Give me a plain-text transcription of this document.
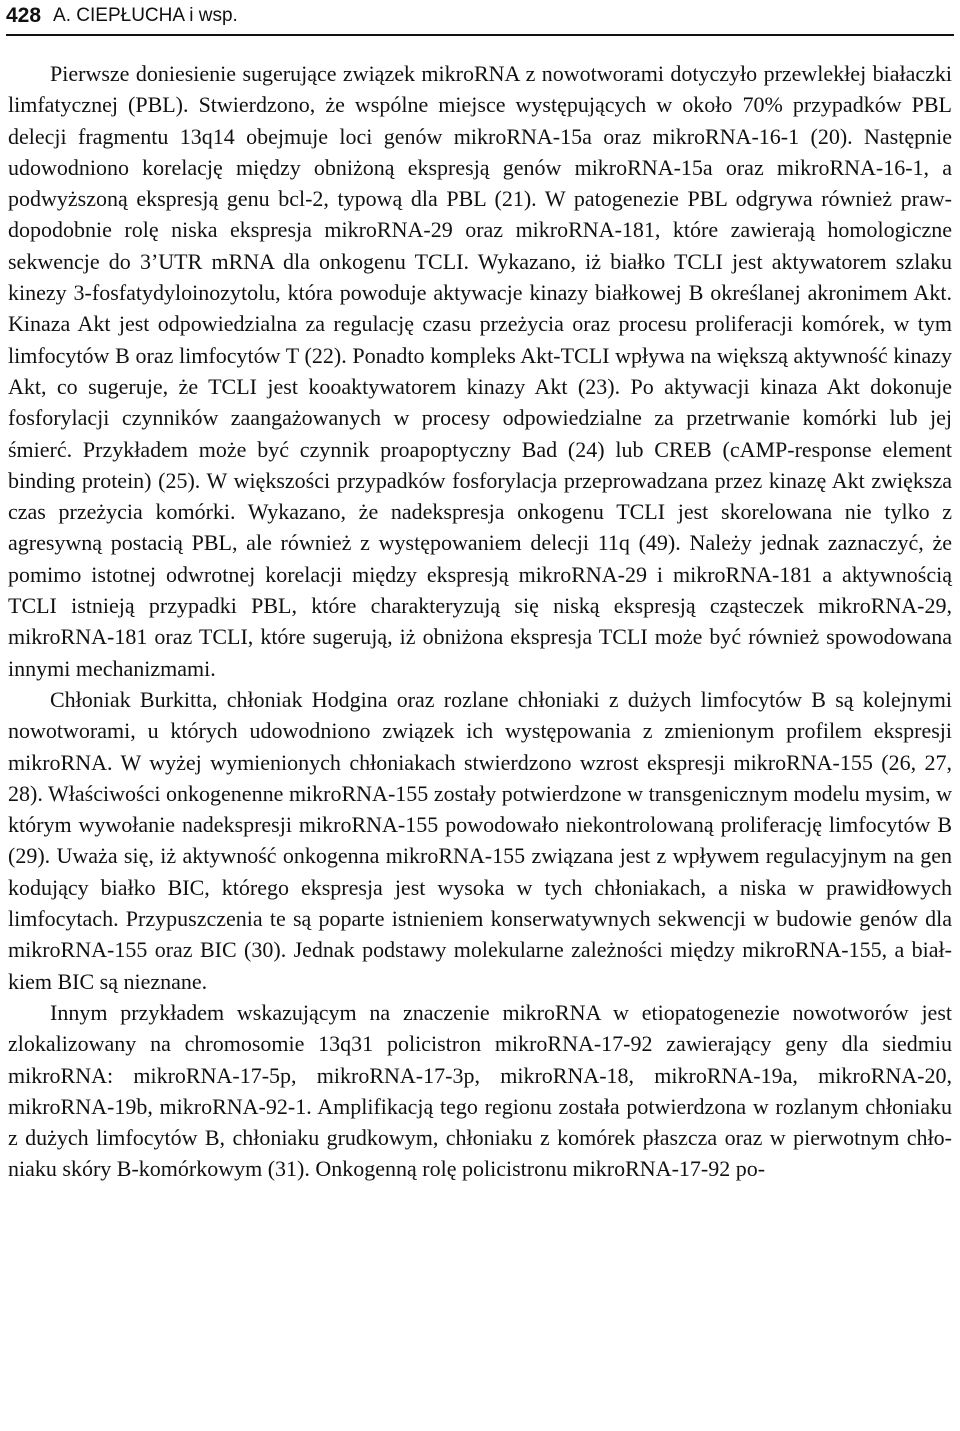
428 A. CIEPŁUCHA i wsp.

Pierwsze doniesienie sugerujące związek mikroRNA z nowotworami dotyczyło przewlekłej białaczki limfatycznej (PBL). Stwierdzono, że wspólne miejsce występujących w około 70% przypadków PBL delecji fragmentu 13q14 obejmuje loci genów mikroRNA-15a oraz mikroRNA-16-1 (20). Następnie udowodniono korelację między obniżoną ekspresją genów mikroRNA-15a oraz mikroRNA-16-1, a podwyższoną ekspresją genu bcl-2, typową dla PBL (21). W patogenezie PBL odgrywa również prawdopodobnie rolę niska ekspresja mikroRNA-29 oraz mikroRNA-181, które zawierają homologiczne sekwencje do 3’UTR mRNA dla onkogenu TCLI. Wykazano, iż białko TCLI jest aktywatorem szlaku kinezy 3-fosfatydyloinozytolu, która powoduje aktywacje kinazy białkowej B określanej akronimem Akt. Kinaza Akt jest odpowiedzialna za regulację czasu przeżycia oraz procesu proliferacji komórek, w tym limfocytów B oraz limfocytów T (22). Ponadto kompleks Akt-TCLI wpływa na większą aktywność kinazy Akt, co sugeruje, że TCLI jest kooaktywatorem kinazy Akt (23). Po aktywacji kinaza Akt dokonuje fosforylacji czynników zaangażowanych w procesy odpowiedzialne za przetrwanie komórki lub jej śmierć. Przykładem może być czynnik proapoptyczny Bad (24) lub CREB (cAMP-response element binding protein) (25). W większości przypadków fosforylacja przeprowadzana przez kinazę Akt zwiększa czas przeżycia komórki. Wykazano, że nadekspresja onkogenu TCLI jest skorelowana nie tylko z agresywną postacią PBL, ale również z występowaniem delecji 11q (49). Należy jednak zaznaczyć, że pomimo istotnej odwrotnej korelacji między ekspresją mikroRNA-29 i mikroRNA-181 a aktywnością TCLI istnieją przypadki PBL, które charakteryzują się niską ekspresją cząsteczek mikroRNA-29, mikroRNA-181 oraz TCLI, które sugerują, iż obniżona ekspresja TCLI może być również spowodowana innymi mechanizmami.

Chłoniak Burkitta, chłoniak Hodgina oraz rozlane chłoniaki z dużych limfocytów B są kolejnymi nowotworami, u których udowodniono związek ich występowania z zmienionym profilem ekspresji mikroRNA. W wyżej wymienionych chłoniakach stwierdzono wzrost ekspresji mikroRNA-155 (26, 27, 28). Właściwości onkogenenne mikroRNA-155 zostały potwierdzone w transgenicznym modelu mysim, w którym wywołanie nadekspresji mikroRNA-155 powodowało niekontrolowaną proliferację limfocytów B (29). Uważa się, iż aktywność onkogenna mikroRNA-155 związana jest z wpływem regulacyjnym na gen kodujący białko BIC, którego ekspresja jest wysoka w tych chłoniakach, a niska w prawidłowych limfocytach. Przypuszczenia te są poparte istnieniem konserwatywnych sekwencji w budowie genów dla mikroRNA-155 oraz BIC (30). Jednak podstawy molekularne zależności między mikroRNA-155, a białkiem BIC są nieznane.

Innym przykładem wskazującym na znaczenie mikroRNA w etiopatogenezie nowotworów jest zlokalizowany na chromosomie 13q31 policistron mikroRNA-17-92 zawierający geny dla siedmiu mikroRNA: mikroRNA-17-5p, mikroRNA-17-3p, mikroRNA-18, mikroRNA-19a, mikroRNA-20, mikroRNA-19b, mikroRNA-92-1. Amplifikacją tego regionu została potwierdzona w rozlanym chłoniaku z dużych limfocytów B, chłoniaku grudkowym, chłoniaku z komórek płaszcza oraz w pierwotnym chłoniaku skóry B-komórkowym (31). Onkogenną rolę policistronu mikroRNA-17-92 po-
